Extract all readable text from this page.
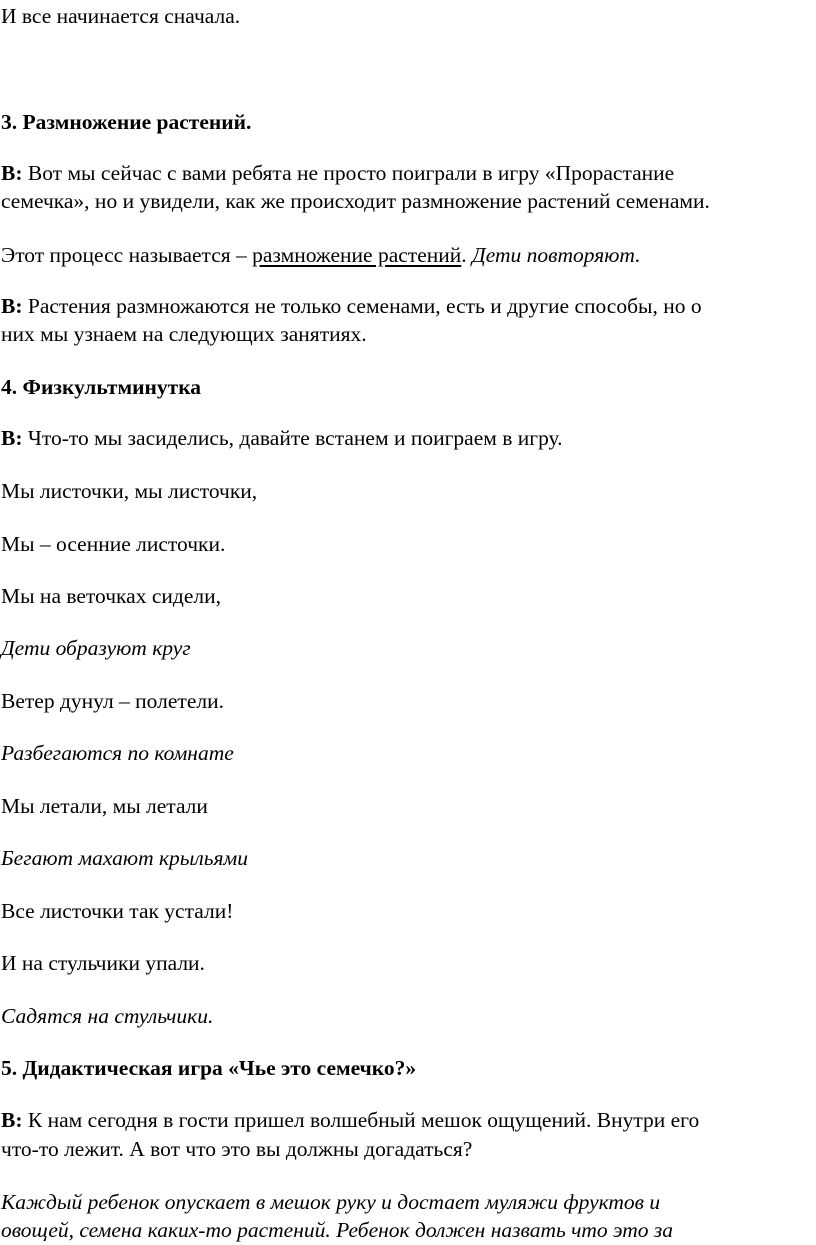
И все начинается сначала.
3. Размножение растений.
В: Вот мы сейчас с вами ребята не просто поиграли в игру «Прорастание
семечка», но и увидели, как же происходит размножение растений семенами.
Этот процесс называется – размножение растений. Дети повторяют.
В: Растения размножаются не только семенами, есть и другие способы, но о
них мы узнаем на следующих занятиях.
4. Физкультминутка
В: Что-то мы засиделись, давайте встанем и поиграем в игру.
Мы листочки, мы листочки,
Мы – осенние листочки.
Мы на веточках сидели,
Дети образуют круг
Ветер дунул – полетели.
Разбегаются по комнате
Мы летали, мы летали
Бегают махают крыльями
Все листочки так устали!
И на стульчики упали.
Садятся на стульчики.
5. Дидактическая игра «Чье это семечко?»
В: К нам сегодня в гости пришел волшебный мешок ощущений. Внутри его
что-то лежит. А вот что это вы должны догадаться?
Каждый ребенок опускает в мешок руку и достает муляжи фруктов и
овощей, семена каких-то растений. Ребенок должен назвать что это за
